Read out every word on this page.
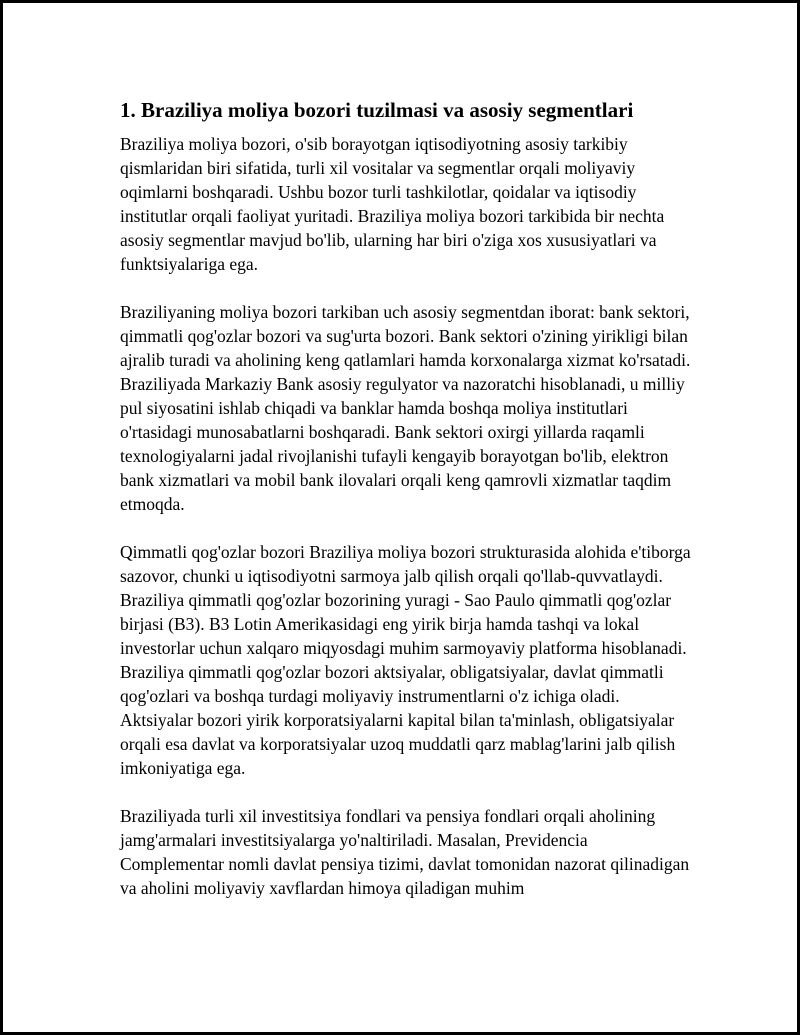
1. Braziliya moliya bozori tuzilmasi va asosiy segmentlari

Braziliya moliya bozori, o'sib borayotgan iqtisodiyotning asosiy tarkibiy qismlaridan biri sifatida, turli xil vositalar va segmentlar orqali moliyaviy oqimlarni boshqaradi. Ushbu bozor turli tashkilotlar, qoidalar va iqtisodiy institutlar orqali faoliyat yuritadi. Braziliya moliya bozori tarkibida bir nechta asosiy segmentlar mavjud bo'lib, ularning har biri o'ziga xos xususiyatlari va funktsiyalariga ega.

Braziliyaning moliya bozori tarkiban uch asosiy segmentdan iborat: bank sektori, qimmatli qog'ozlar bozori va sug'urta bozori. Bank sektori o'zining yirikligi bilan ajralib turadi va aholining keng qatlamlari hamda korxonalarga xizmat ko'rsatadi. Braziliyada Markaziy Bank asosiy regulyator va nazoratchi hisoblanadi, u milliy pul siyosatini ishlab chiqadi va banklar hamda boshqa moliya institutlari o'rtasidagi munosabatlarni boshqaradi. Bank sektori oxirgi yillarda raqamli texnologiyalarni jadal rivojlanishi tufayli kengayib borayotgan bo'lib, elektron bank xizmatlari va mobil bank ilovalari orqali keng qamrovli xizmatlar taqdim etmoqda.

Qimmatli qog'ozlar bozori Braziliya moliya bozori strukturasida alohida e'tiborga sazovor, chunki u iqtisodiyotni sarmoya jalb qilish orqali qo'llab-quvvatlaydi. Braziliya qimmatli qog'ozlar bozorining yuragi - Sao Paulo qimmatli qog'ozlar birjasi (B3). B3 Lotin Amerikasidagi eng yirik birja hamda tashqi va lokal investorlar uchun xalqaro miqyosdagi muhim sarmoyaviy platforma hisoblanadi. Braziliya qimmatli qog'ozlar bozori aktsiyalar, obligatsiyalar, davlat qimmatli qog'ozlari va boshqa turdagi moliyaviy instrumentlarni o'z ichiga oladi. Aktsiyalar bozori yirik korporatsiyalarni kapital bilan ta'minlash, obligatsiyalar orqali esa davlat va korporatsiyalar uzoq muddatli qarz mablag'larini jalb qilish imkoniyatiga ega.

Braziliyada turli xil investitsiya fondlari va pensiya fondlari orqali aholining jamg'armalari investitsiyalarga yo'naltiriladi. Masalan, Previdencia Complementar nomli davlat pensiya tizimi, davlat tomonidan nazorat qilinadigan va aholini moliyaviy xavflardan himoya qiladigan muhim
